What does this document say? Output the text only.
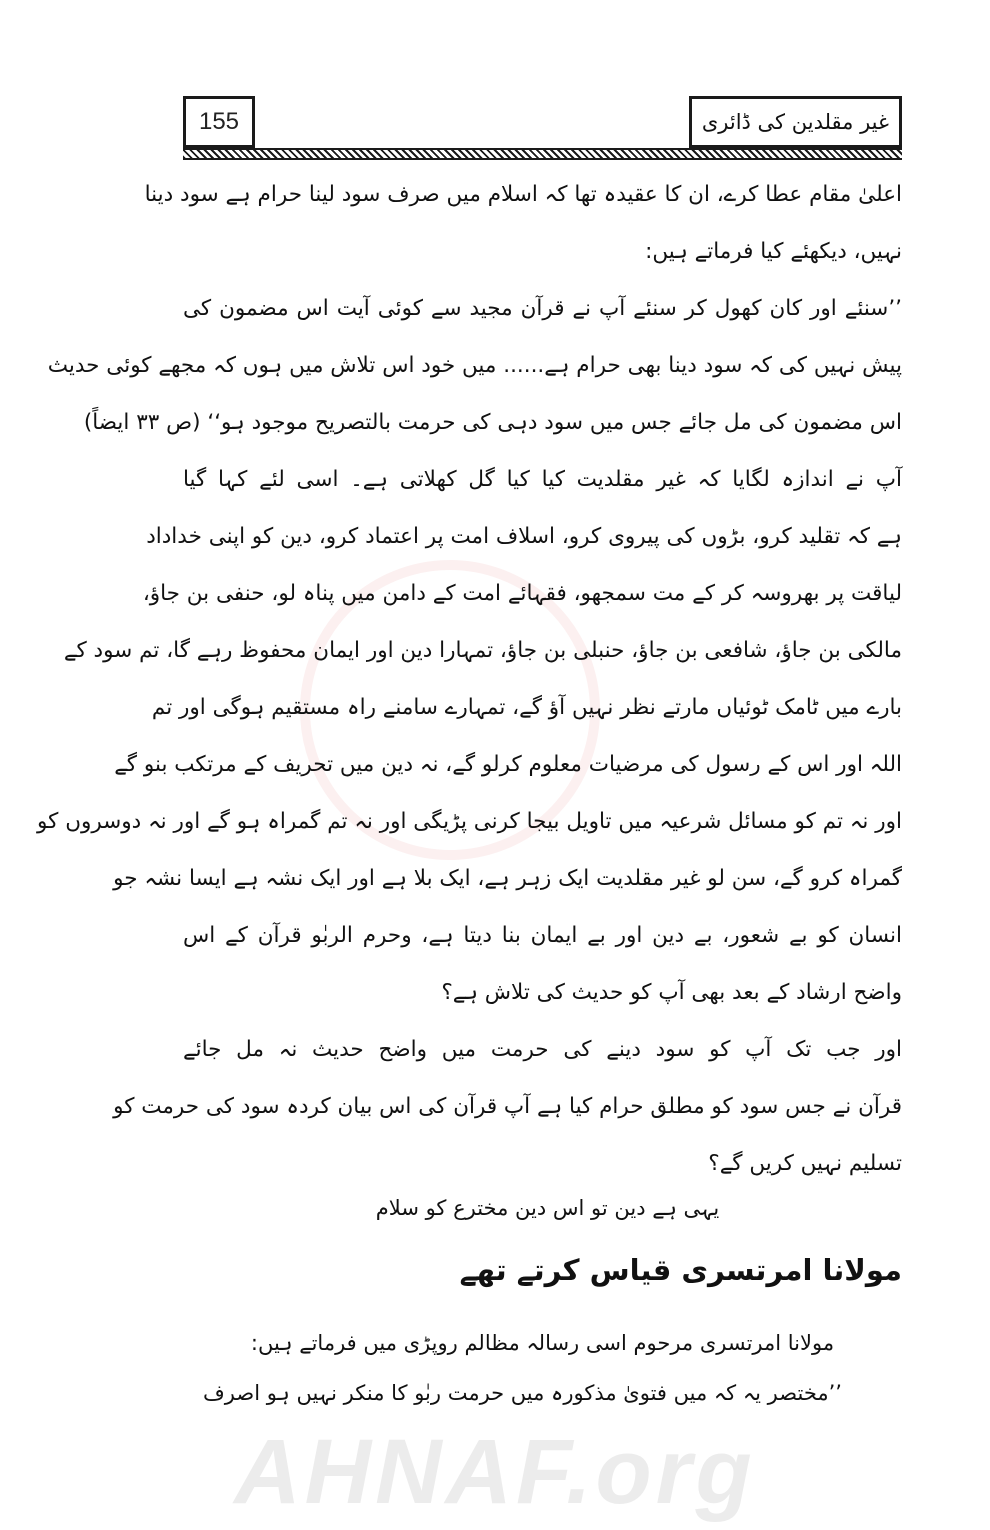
155	غیر مقلدین کی ڈائری
اعلیٰ مقام عطا کرے، ان کا عقیدہ تھا کہ اسلام میں صرف سود لینا حرام ہے سود دینا
نہیں، دیکھئے کیا فرماتے ہیں:
’’سنئے اور کان کھول کر سنئے آپ نے قرآن مجید سے کوئی آیت اس مضمون کی
پیش نہیں کی کہ سود دینا بھی حرام ہے...... میں خود اس تلاش میں ہوں کہ مجھے کوئی حدیث
اس مضمون کی مل جائے جس میں سود دہی کی حرمت بالتصریح موجود ہو‘‘ (ص ۳۳ ایضاً)
آپ نے اندازہ لگایا کہ غیر مقلدیت کیا کیا گل کھلاتی ہے۔ اسی لئے کہا گیا
ہے کہ تقلید کرو، بڑوں کی پیروی کرو، اسلاف امت پر اعتماد کرو، دین کو اپنی خداداد
لیاقت پر بھروسہ کر کے مت سمجھو، فقہائے امت کے دامن میں پناہ لو، حنفی بن جاؤ،
مالکی بن جاؤ، شافعی بن جاؤ، حنبلی بن جاؤ، تمہارا دین اور ایمان محفوظ رہے گا، تم سود کے
بارے میں ٹامک ٹوئیاں مارتے نظر نہیں آؤ گے، تمہارے سامنے راہ مستقیم ہوگی اور تم
اللہ اور اس کے رسول کی مرضیات معلوم کرلو گے، نہ دین میں تحریف کے مرتکب بنو گے
اور نہ تم کو مسائل شرعیہ میں تاویل بیجا کرنی پڑیگی اور نہ تم گمراہ ہو گے اور نہ دوسروں کو
گمراہ کرو گے، سن لو غیر مقلدیت ایک زہر ہے، ایک بلا ہے اور ایک نشہ ہے ایسا نشہ جو
انسان کو بے شعور، بے دین اور بے ایمان بنا دیتا ہے، وحرم الربٰو قرآن کے اس
واضح ارشاد کے بعد بھی آپ کو حدیث کی تلاش ہے؟
اور جب تک آپ کو سود دینے کی حرمت میں واضح حدیث نہ مل جائے
قرآن نے جس سود کو مطلق حرام کیا ہے آپ قرآن کی اس بیان کردہ سود کی حرمت کو
تسلیم نہیں کریں گے؟
یہی ہے دین تو اس دین مخترع کو سلام
مولانا امرتسری قیاس کرتے تھے
مولانا امرتسری مرحوم اسی رسالہ مظالم روپڑی میں فرماتے ہیں:
’’مختصر یہ کہ میں فتویٰ مذکورہ میں حرمت ربٰو کا منکر نہیں ہو اصرف
AHNAF.org
